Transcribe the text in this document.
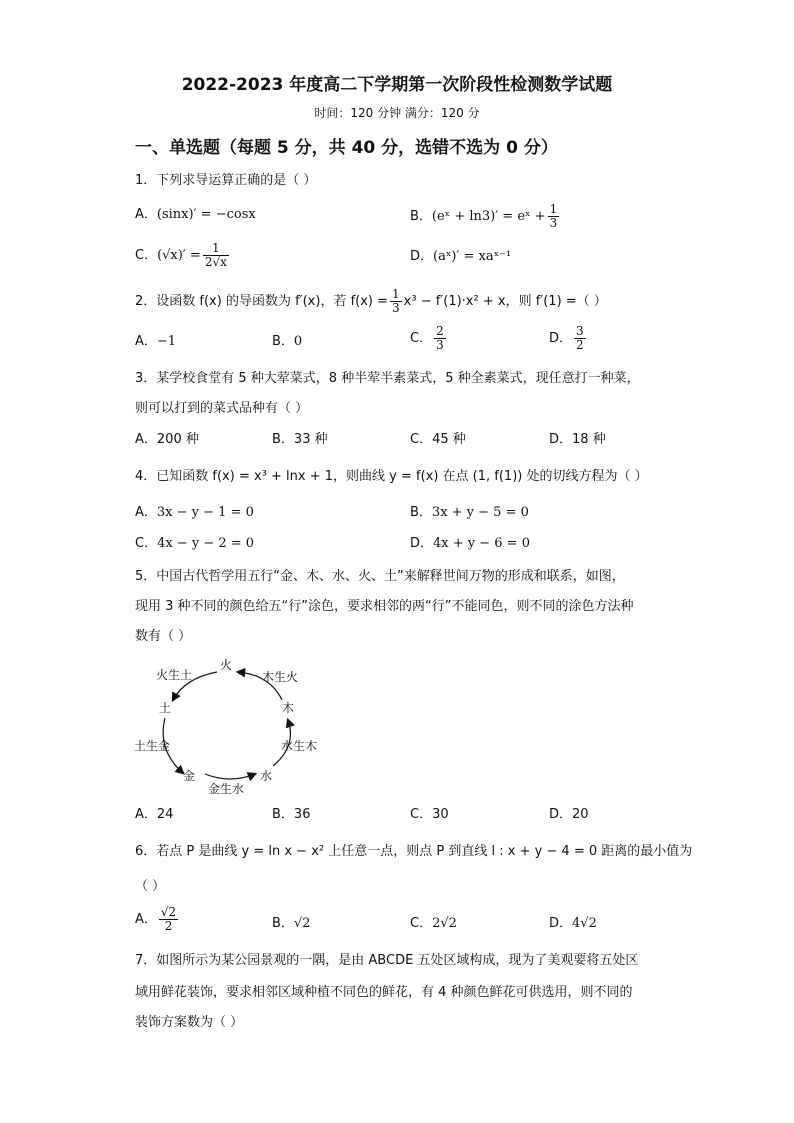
2022-2023 年度高二下学期第一次阶段性检测数学试题
时间：120 分钟 满分：120 分
一、单选题（每题 5 分，共 40 分，选错不选为 0 分）
1．下列求导运算正确的是（ ）
A．(sinx)′ = −cosx	B．(eˣ + ln3)′ = eˣ + $\frac{1}{3}$
C．$(√x)' = \frac{1}{2√x}$	D．(aˣ)′ = xaˣ⁻¹
2．设函数 f(x) 的导函数为 f′(x)，若 $f(x) = \frac{1}{3} x^3 - f'(1)\cdot x^2 + x$，则 f′(1) =（ ）
A．−1	B．0	C． $\frac{2}{3}$	D． $\frac{3}{2}$
3．某学校食堂有 5 种大荤菜式，8 种半荤半素菜式，5 种全素菜式，现任意打一种菜，
则可以打到的菜式品种有（ ）
A．200 种	B．33 种	C．45 种	D．18 种
4．已知函数 f(x) = x³ + lnx + 1，则曲线 y = f(x) 在点 (1, f(1)) 处的切线方程为（ ）
A．3x − y − 1 = 0	B．3x + y − 5 = 0
C．4x − y − 2 = 0	D．4x + y − 6 = 0
5．中国古代哲学用五行“金、木、水、火、土”来解释世间万物的形成和联系，如图，
现用 3 种不同的颜色给五“行”涂色，要求相邻的两“行”不能同色，则不同的涂色方法种
数有（ ）
火
木
水
金
土
木生火
火生土
土生金
金生水
水生木
A．24	B．36	C．30	D．20
6．若点 P 是曲线 y = ln x − x² 上任意一点，则点 P 到直线 l : x + y − 4 = 0 距离的最小值为
（ ）
A． $\frac{√2}{2}$	B．√2	C．2√2	D．4√2
7．如图所示为某公园景观的一隅，是由 ABCDE 五处区域构成，现为了美观要将五处区
域用鲜花装饰，要求相邻区域种植不同色的鲜花，有 4 种颜色鲜花可供选用，则不同的
装饰方案数为（ ）
